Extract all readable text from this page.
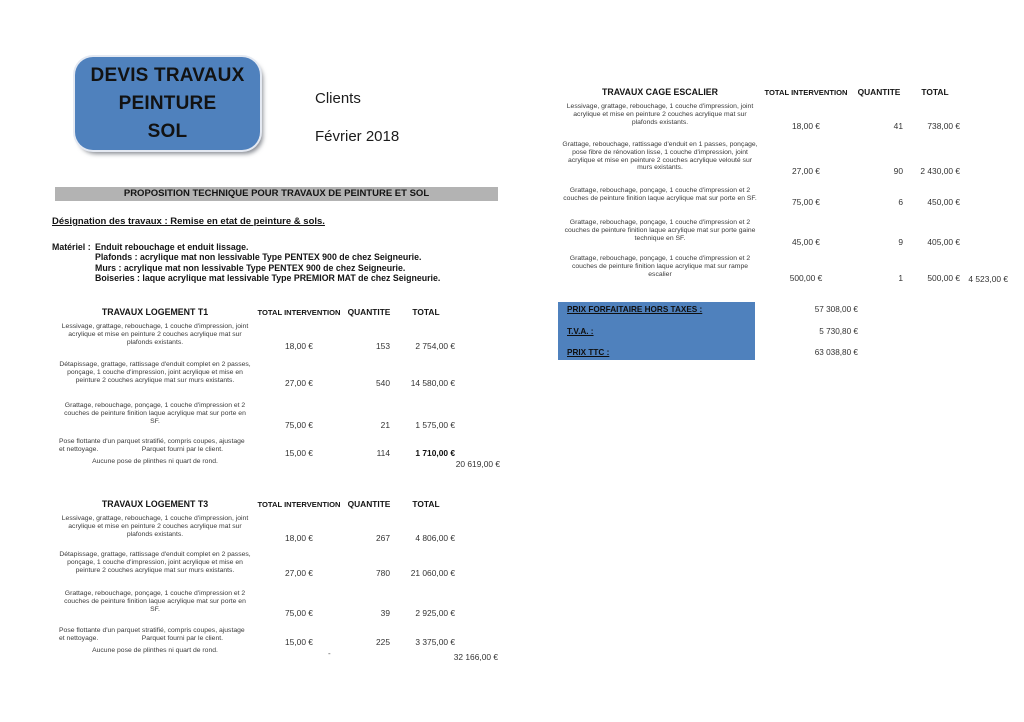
DEVIS TRAVAUX
PEINTURE
SOL
Clients
Février 2018
PROPOSITION TECHNIQUE POUR TRAVAUX DE PEINTURE ET SOL
Désignation des travaux : Remise en etat de peinture & sols.
Matériel : Enduit rebouchage et enduit lissage.
Plafonds : acrylique mat non lessivable Type PENTEX 900 de chez Seigneurie.
Murs : acrylique mat non lessivable Type PENTEX 900 de chez Seigneurie.
Boiseries : laque acrylique mat lessivable Type PREMIOR MAT de chez Seigneurie.
TRAVAUX LOGEMENT T1	TOTAL INTERVENTION QUANTITE	TOTAL
Lessivage, grattage, rebouchage, 1 couche d'impression, joint acrylique et mise en peinture 2 couches acrylique mat sur plafonds existants.	18,00 €	153	2 754,00 €
Détapissage, grattage, rattissage d'enduit complet en 2 passes, ponçage, 1 couche d'impression, joint acrylique et mise en peinture 2 couches acrylique mat sur murs existants.	27,00 €	540	14 580,00 €
Grattage, rebouchage, ponçage, 1 couche d'impression et 2 couches de peinture finition laque acrylique mat sur porte en SF.	75,00 €	21	1 575,00 €
Pose flottante d'un parquet stratifié, compris coupes, ajustage et nettoyage.	Parquet fourni par le client.	15,00 €	114	1 710,00 €
Aucune pose de plinthes ni quart de rond.	20 619,00 €
TRAVAUX LOGEMENT T3	TOTAL INTERVENTION QUANTITE	TOTAL
Lessivage, grattage, rebouchage, 1 couche d'impression, joint acrylique et mise en peinture 2 couches acrylique mat sur plafonds existants.	18,00 €	267	4 806,00 €
Détapissage, grattage, rattissage d'enduit complet en 2 passes, ponçage, 1 couche d'impression, joint acrylique et mise en peinture 2 couches acrylique mat sur murs existants.	27,00 €	780	21 060,00 €
Grattage, rebouchage, ponçage, 1 couche d'impression et 2 couches de peinture finition laque acrylique mat sur porte en SF.	75,00 €	39	2 925,00 €
Pose flottante d'un parquet stratifié, compris coupes, ajustage et nettoyage.	Parquet fourni par le client.	15,00 €	225	3 375,00 €
Aucune pose de plinthes ni quart de rond.	-	32 166,00 €
TRAVAUX CAGE ESCALIER	TOTAL INTERVENTION	QUANTITE	TOTAL
Lessivage, grattage, rebouchage, 1 couche d'impression, joint acrylique et mise en peinture 2 couches acrylique mat sur plafonds existants.	18,00 €	41	738,00 €
Grattage, rebouchage, rattissage d'enduit en 1 passes, ponçage, pose fibre de rénovation lisse, 1 couche d'impression, joint acrylique et mise en peinture 2 couches acrylique velouté sur murs existants.	27,00 €	90	2 430,00 €
Grattage, rebouchage, ponçage, 1 couche d'impression et 2 couches de peinture finition laque acrylique mat sur porte en SF.	75,00 €	6	450,00 €
Grattage, rebouchage, ponçage, 1 couche d'impression et 2 couches de peinture finition laque acrylique mat sur porte gaine technique en SF.	45,00 €	9	405,00 €
Grattage, rebouchage, ponçage, 1 couche d'impression et 2 couches de peinture finition laque acrylique mat sur rampe escalier	500,00 €	1	500,00 €	4 523,00 €
PRIX FORFAITAIRE HORS TAXES :	57 308,00 €
T.V.A. :	5 730,80 €
PRIX TTC :	63 038,80 €
